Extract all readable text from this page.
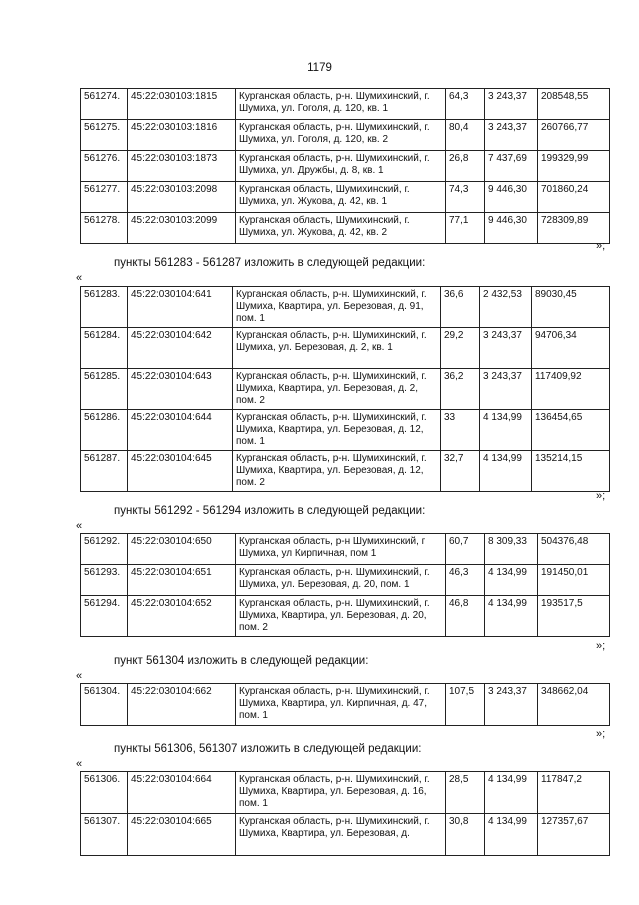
1179
561274.	45:22:030103:1815	Курганская область, р-н. Шумихинский, г. Шумиха, ул. Гоголя, д. 120, кв. 1	64,3	3 243,37	208548,55
561275.	45:22:030103:1816	Курганская область, р-н. Шумихинский, г. Шумиха, ул. Гоголя, д. 120, кв. 2	80,4	3 243,37	260766,77
561276.	45:22:030103:1873	Курганская область, р-н. Шумихинский, г. Шумиха, ул. Дружбы, д. 8, кв. 1	26,8	7 437,69	199329,99
561277.	45:22:030103:2098	Курганская область, Шумихинский, г. Шумиха, ул. Жукова, д. 42, кв. 1	74,3	9 446,30	701860,24
561278.	45:22:030103:2099	Курганская область, Шумихинский, г. Шумиха, ул. Жукова, д. 42, кв. 2	77,1	9 446,30	728309,89
»;
пункты 561283 - 561287 изложить в следующей редакции:
«
561283.	45:22:030104:641	Курганская область, р-н. Шумихинский, г. Шумиха, Квартира, ул. Березовая, д. 91, пом. 1	36,6	2 432,53	89030,45
561284.	45:22:030104:642	Курганская область, р-н. Шумихинский, г. Шумиха, ул. Березовая, д. 2, кв. 1	29,2	3 243,37	94706,34
561285.	45:22:030104:643	Курганская область, р-н. Шумихинский, г. Шумиха, Квартира, ул. Березовая, д. 2, пом. 2	36,2	3 243,37	117409,92
561286.	45:22:030104:644	Курганская область, р-н. Шумихинский, г. Шумиха, Квартира, ул. Березовая, д. 12, пом. 1	33	4 134,99	136454,65
561287.	45:22:030104:645	Курганская область, р-н. Шумихинский, г. Шумиха, Квартира, ул. Березовая, д. 12, пом. 2	32,7	4 134,99	135214,15
»;
пункты 561292 - 561294 изложить в следующей редакции:
«
561292.	45:22:030104:650	Курганская область, р-н Шумихинский, г Шумиха, ул Кирпичная, пом 1	60,7	8 309,33	504376,48
561293.	45:22:030104:651	Курганская область, р-н. Шумихинский, г. Шумиха, ул. Березовая, д. 20, пом. 1	46,3	4 134,99	191450,01
561294.	45:22:030104:652	Курганская область, р-н. Шумихинский, г. Шумиха, Квартира, ул. Березовая, д. 20, пом. 2	46,8	4 134,99	193517,5
»;
пункт 561304 изложить в следующей редакции:
«
561304.	45:22:030104:662	Курганская область, р-н. Шумихинский, г. Шумиха, Квартира, ул. Кирпичная, д. 47, пом. 1	107,5	3 243,37	348662,04
»;
пункты 561306, 561307 изложить в следующей редакции:
«
561306.	45:22:030104:664	Курганская область, р-н. Шумихинский, г. Шумиха, Квартира, ул. Березовая, д. 16, пом. 1	28,5	4 134,99	117847,2
561307.	45:22:030104:665	Курганская область, р-н. Шумихинский, г. Шумиха, Квартира, ул. Березовая, д.	30,8	4 134,99	127357,67
